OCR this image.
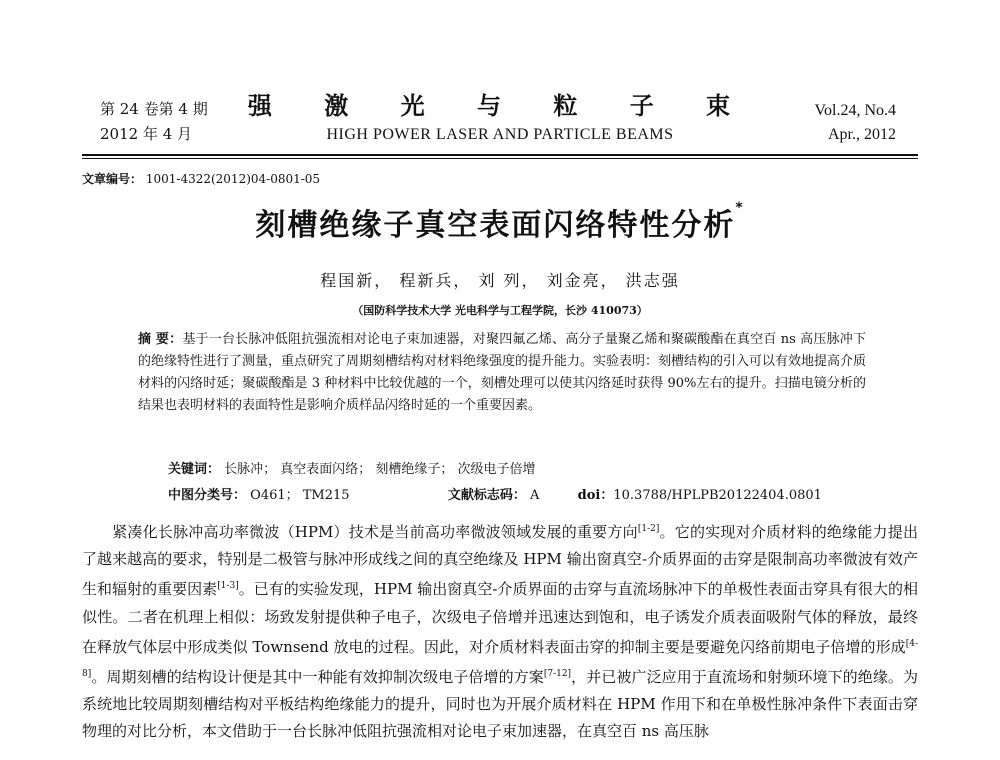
第 24 卷第 4 期
2012 年 4 月
强 激 光 与 粒 子 束
HIGH POWER LASER AND PARTICLE BEAMS
Vol.24, No.4
Apr., 2012
文章编号： 1001-4322(2012)04-0801-05
刻槽绝缘子真空表面闪络特性分析*
程国新， 程新兵， 刘 列， 刘金亮， 洪志强
（国防科学技术大学 光电科学与工程学院，长沙 410073）
摘 要：基于一台长脉冲低阻抗强流相对论电子束加速器，对聚四氟乙烯、高分子量聚乙烯和聚碳酸酯在真空百 ns 高压脉冲下的绝缘特性进行了测量，重点研究了周期刻槽结构对材料绝缘强度的提升能力。实验表明：刻槽结构的引入可以有效地提高介质材料的闪络时延；聚碳酸酯是 3 种材料中比较优越的一个，刻槽处理可以使其闪络延时获得 90%左右的提升。扫描电镜分析的结果也表明材料的表面特性是影响介质样品闪络时延的一个重要因素。
关键词： 长脉冲； 真空表面闪络； 刻槽绝缘子； 次级电子倍增
中图分类号： O461； TM215	文献标志码： A	doi：10.3788/HPLPB20122404.0801
紧凑化长脉冲高功率微波（HPM）技术是当前高功率微波领域发展的重要方向[1-2]。它的实现对介质材料的绝缘能力提出了越来越高的要求，特别是二极管与脉冲形成线之间的真空绝缘及 HPM 输出窗真空-介质界面的击穿是限制高功率微波有效产生和辐射的重要因素[1-3]。已有的实验发现，HPM 输出窗真空-介质界面的击穿与直流场脉冲下的单极性表面击穿具有很大的相似性。二者在机理上相似：场致发射提供种子电子，次级电子倍增并迅速达到饱和，电子诱发介质表面吸附气体的释放，最终在释放气体层中形成类似 Townsend 放电的过程。因此，对介质材料表面击穿的抑制主要是要避免闪络前期电子倍增的形成[4-8]。周期刻槽的结构设计便是其中一种能有效抑制次级电子倍增的方案[7-12]，并已被广泛应用于直流场和射频环境下的绝缘。为系统地比较周期刻槽结构对平板结构绝缘能力的提升，同时也为开展介质材料在 HPM 作用下和在单极性脉冲条件下表面击穿物理的对比分析，本文借助于一台长脉冲低阻抗强流相对论电子束加速器，在真空百 ns 高压脉
